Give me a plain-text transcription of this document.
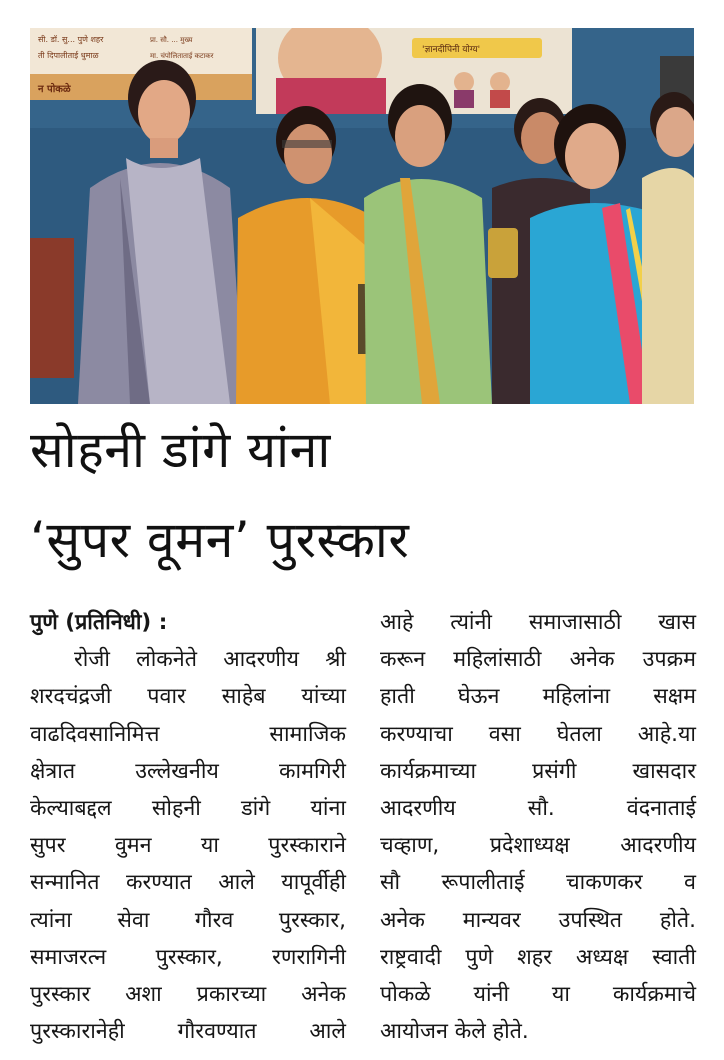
सी. डॉ. सु... पुणे शहर
ती दिपालीताई धुमाळ
न पोकळे
प्रा. सौ. ... मुख्य
मा. चंपोलिताताई कटाकर
'ज्ञानदीपिनी योग्य'
सोहनी डांगे यांना
‘सुपर वूमन’ पुरस्कार
पुणे (प्रतिनिधी) :
रोजी लोकनेते आदरणीय श्री
शरदचंद्रजी पवार साहेब यांच्या
वाढदिवसानिमित्त सामाजिक
क्षेत्रात उल्लेखनीय कामगिरी
केल्याबद्दल सोहनी डांगे यांना
सुपर वुमन या पुरस्काराने
सन्मानित करण्यात आले यापूर्वीही
त्यांना सेवा गौरव पुरस्कार,
समाजरत्न पुरस्कार, रणरागिनी
पुरस्कार अशा प्रकारच्या अनेक
पुरस्कारानेही गौरवण्यात आले
आहे त्यांनी समाजासाठी खास
करून महिलांसाठी अनेक उपक्रम
हाती घेऊन महिलांना सक्षम
करण्याचा वसा घेतला आहे.या
कार्यक्रमाच्या प्रसंगी खासदार
आदरणीय सौ. वंदनाताई
चव्हाण, प्रदेशाध्यक्ष आदरणीय
सौ रूपालीताई चाकणकर व
अनेक मान्यवर उपस्थित होते.
राष्ट्रवादी पुणे शहर अध्यक्ष स्वाती
पोकळे यांनी या कार्यक्रमाचे
आयोजन केले होते.
